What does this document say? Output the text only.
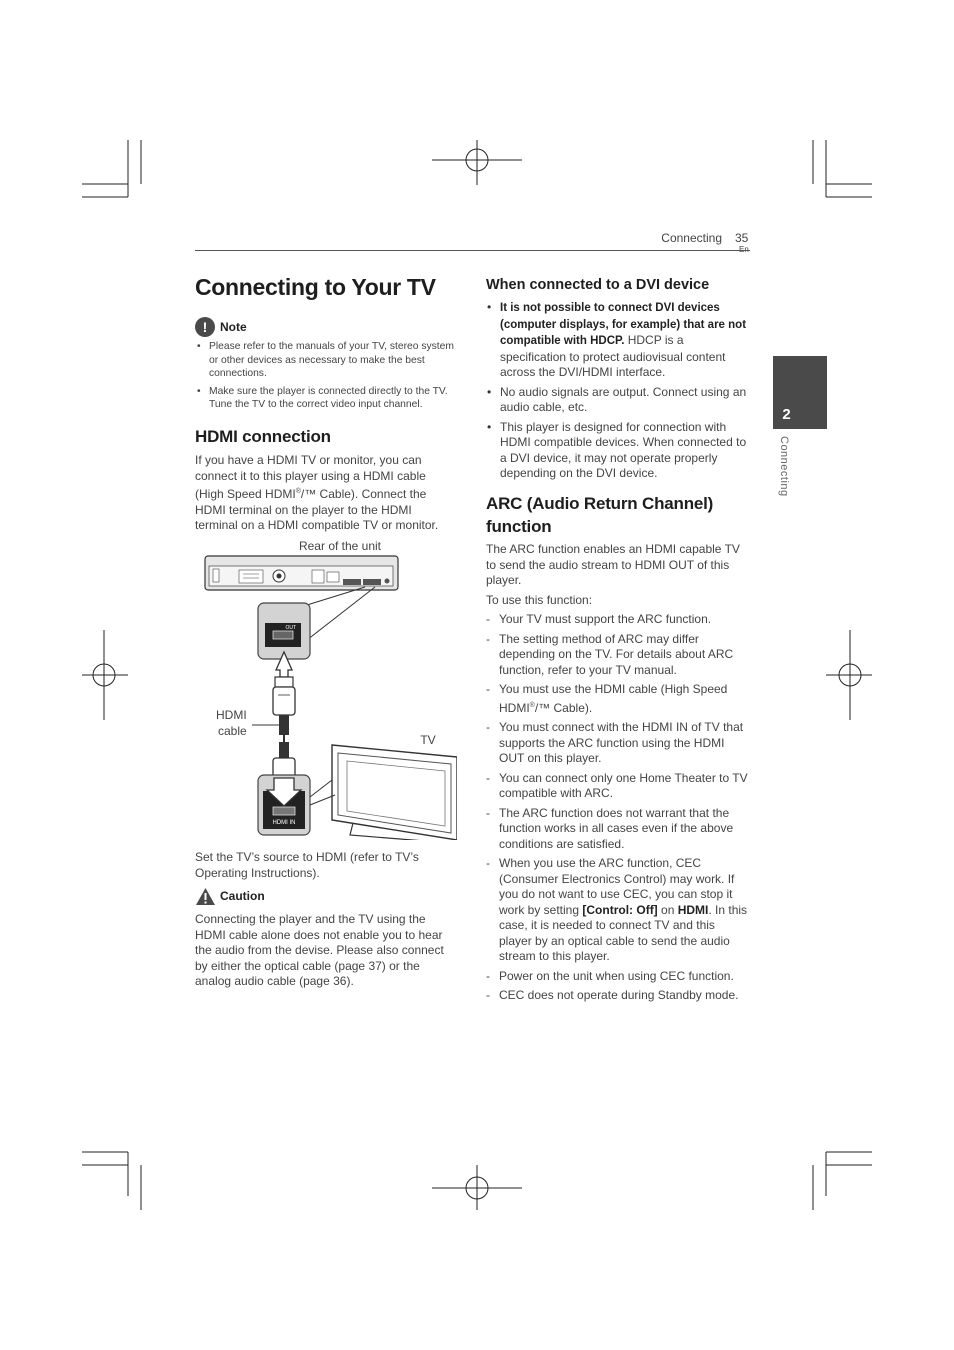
Connecting 35
2
Connecting
Connecting to Your TV
!	Note
• Please refer to the manuals of your TV, stereo system or other devices as necessary to make the best connections.
• Make sure the player is connected directly to the TV. Tune the TV to the correct video input channel.
HDMI connection
If you have a HDMI TV or monitor, you can connect it to this player using a HDMI cable (High Speed HDMI®/™ Cable). Connect the HDMI terminal on the player to the HDMI terminal on a HDMI compatible TV or monitor.
Rear of the unit
OUT
HDMI
cable
HDMI IN
TV
Set the TV’s source to HDMI (refer to TV’s Operating Instructions).
Caution
Connecting the player and the TV using the HDMI cable alone does not enable you to hear the audio from the devise. Please also connect by either the optical cable (page 37) or the analog audio cable (page 36).
When connected to a DVI device
• It is not possible to connect DVI devices (computer displays, for example) that are not compatible with HDCP. HDCP is a specification to protect audiovisual content across the DVI/HDMI interface.
• No audio signals are output. Connect using an audio cable, etc.
• This player is designed for connection with HDMI compatible devices. When connected to a DVI device, it may not operate properly depending on the DVI device.
ARC (Audio Return Channel)
function
The ARC function enables an HDMI capable TV to send the audio stream to HDMI OUT of this player.
To use this function:
- Your TV must support the ARC function.
- The setting method of ARC may differ depending on the TV. For details about ARC function, refer to your TV manual.
- You must use the HDMI cable (High Speed HDMI®/™ Cable).
- You must connect with the HDMI IN of TV that supports the ARC function using the HDMI OUT on this player.
- You can connect only one Home Theater to TV compatible with ARC.
- The ARC function does not warrant that the function works in all cases even if the above conditions are satisfied.
- When you use the ARC function, CEC (Consumer Electronics Control) may work. If you do not want to use CEC, you can stop it work by setting [Control: Off] on HDMI. In this case, it is needed to connect TV and this player by an optical cable to send the audio stream to this player.
- Power on the unit when using CEC function.
- CEC does not operate during Standby mode.
